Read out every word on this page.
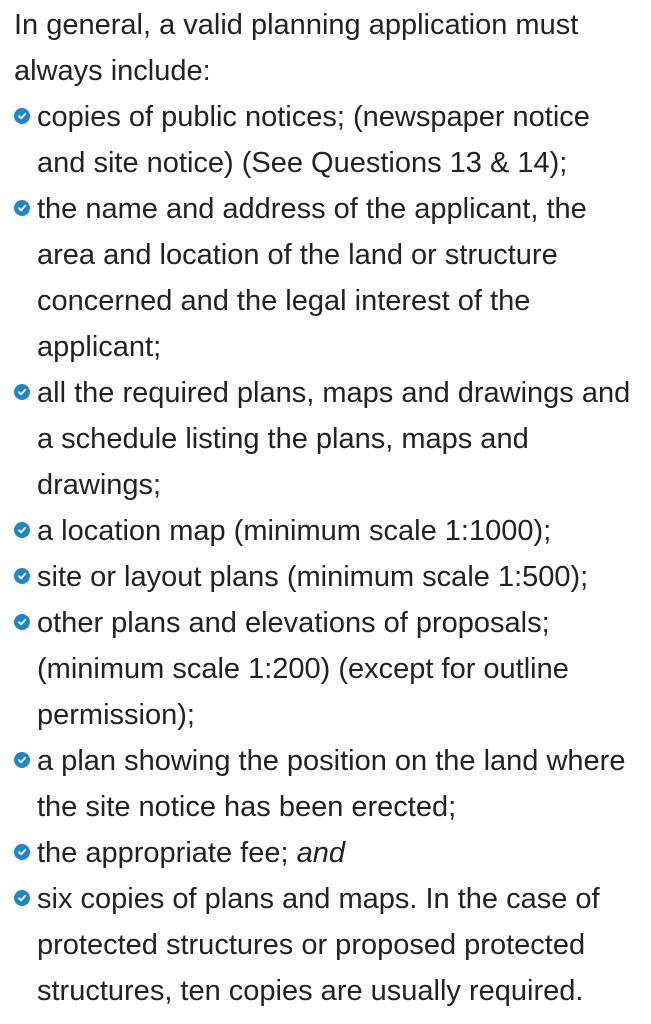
In general, a valid planning application must always include:

copies of public notices; (newspaper notice and site notice) (See Questions 13 & 14);
the name and address of the applicant, the area and location of the land or structure concerned and the legal interest of the applicant;
all the required plans, maps and drawings and a schedule listing the plans, maps and drawings;
a location map (minimum scale 1:1000);
site or layout plans (minimum scale 1:500);
other plans and elevations of proposals; (minimum scale 1:200) (except for outline permission);
a plan showing the position on the land where the site notice has been erected;
the appropriate fee; and
six copies of plans and maps. In the case of protected structures or proposed protected structures, ten copies are usually required.
